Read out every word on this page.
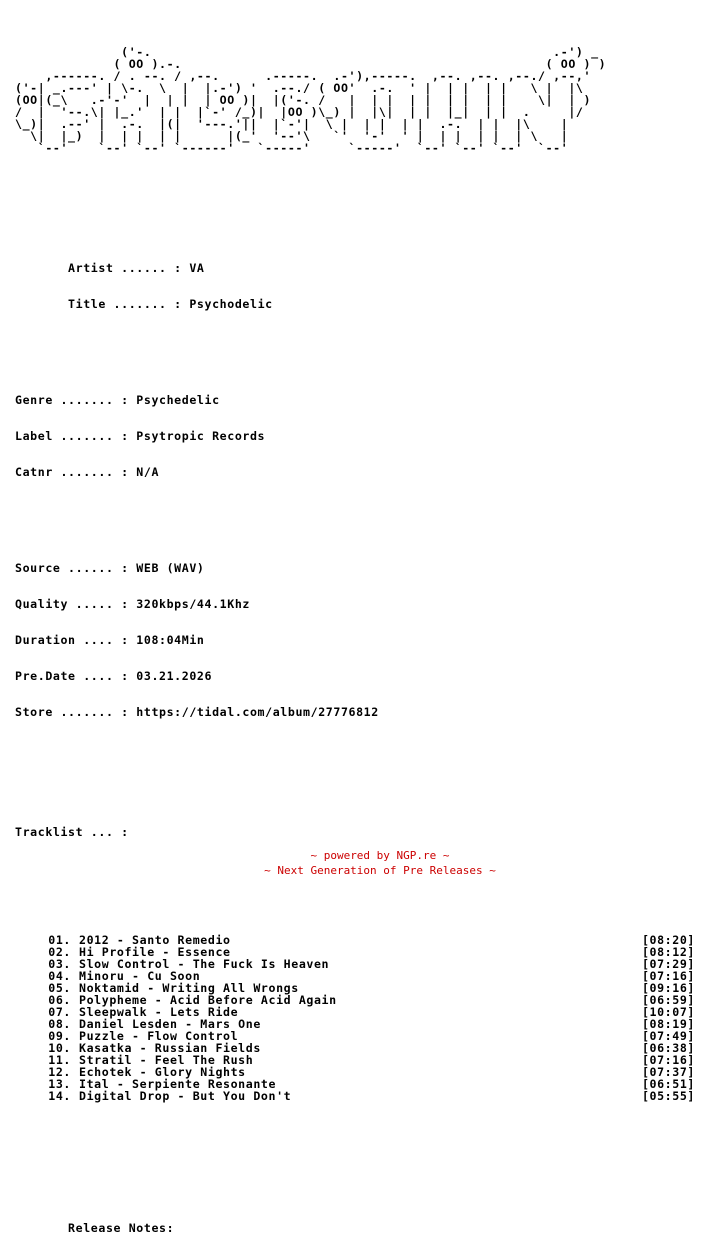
('-.                                                     .-') _
( OO ).-.                                                ( OO ) )
,------. / . --. / ,--.      .-----.  .-'),-----.  ,--. ,--. ,--./ ,--,'
('-| _.---' | \-.  \  |  |.-') '  .--./ ( OO'  .-.  ' |  | |  | |   \ |  |\
(OO|(_\   .-'-'  |  | |  | OO )|  |('-. /   |  | |  | |  | |  | |    \|  | )
/  |  '--.\| |_.'  | |  |`-' /_)|  |OO )\_) |  |\|  | |  |_|  | |  .     |/
\_)|  .--' |  .-.  |(|  '---.'||  |`-'|  \ |  | |  | |  .-.  | |  |\    |
\|  |_)  |  | |  | |      |(_'  '--'\   `'  '-'  ' |  | |  | |  | \   |
`--'    `--' `--' `------'   `-----'     `-----'  `--' `--' `--'  `--'

Artist ...... : VA

Title ....... : Psychodelic

Genre ....... : Psychedelic

Label ....... : Psytropic Records

Catnr ....... : N/A

Source ...... : WEB (WAV)

Quality ..... : 320kbps/44.1Khz

Duration .... : 108:04Min

Pre.Date .... : 03.21.2026

Store ....... : https://tidal.com/album/27776812

Tracklist ... :

01. 2012 - Santo Remedio	[08:20]
02. Hi Profile - Essence	[08:12]
03. Slow Control - The Fuck Is Heaven	[07:29]
04. Minoru - Cu Soon	[07:16]
05. Noktamid - Writing All Wrongs	[09:16]
06. Polypheme - Acid Before Acid Again	[06:59]
07. Sleepwalk - Lets Ride	[10:07]
08. Daniel Lesden - Mars One	[08:19]
09. Puzzle - Flow Control	[07:49]
10. Kasatka - Russian Fields	[06:38]
11. Stratil - Feel The Rush	[07:16]
12. Echotek - Glory Nights	[07:37]
13. Ital - Serpiente Resonante	[06:51]
14. Digital Drop - But You Don't	[05:55]

Release Notes:

~ powered by NGP.re ~
~ Next Generation of Pre Releases ~
